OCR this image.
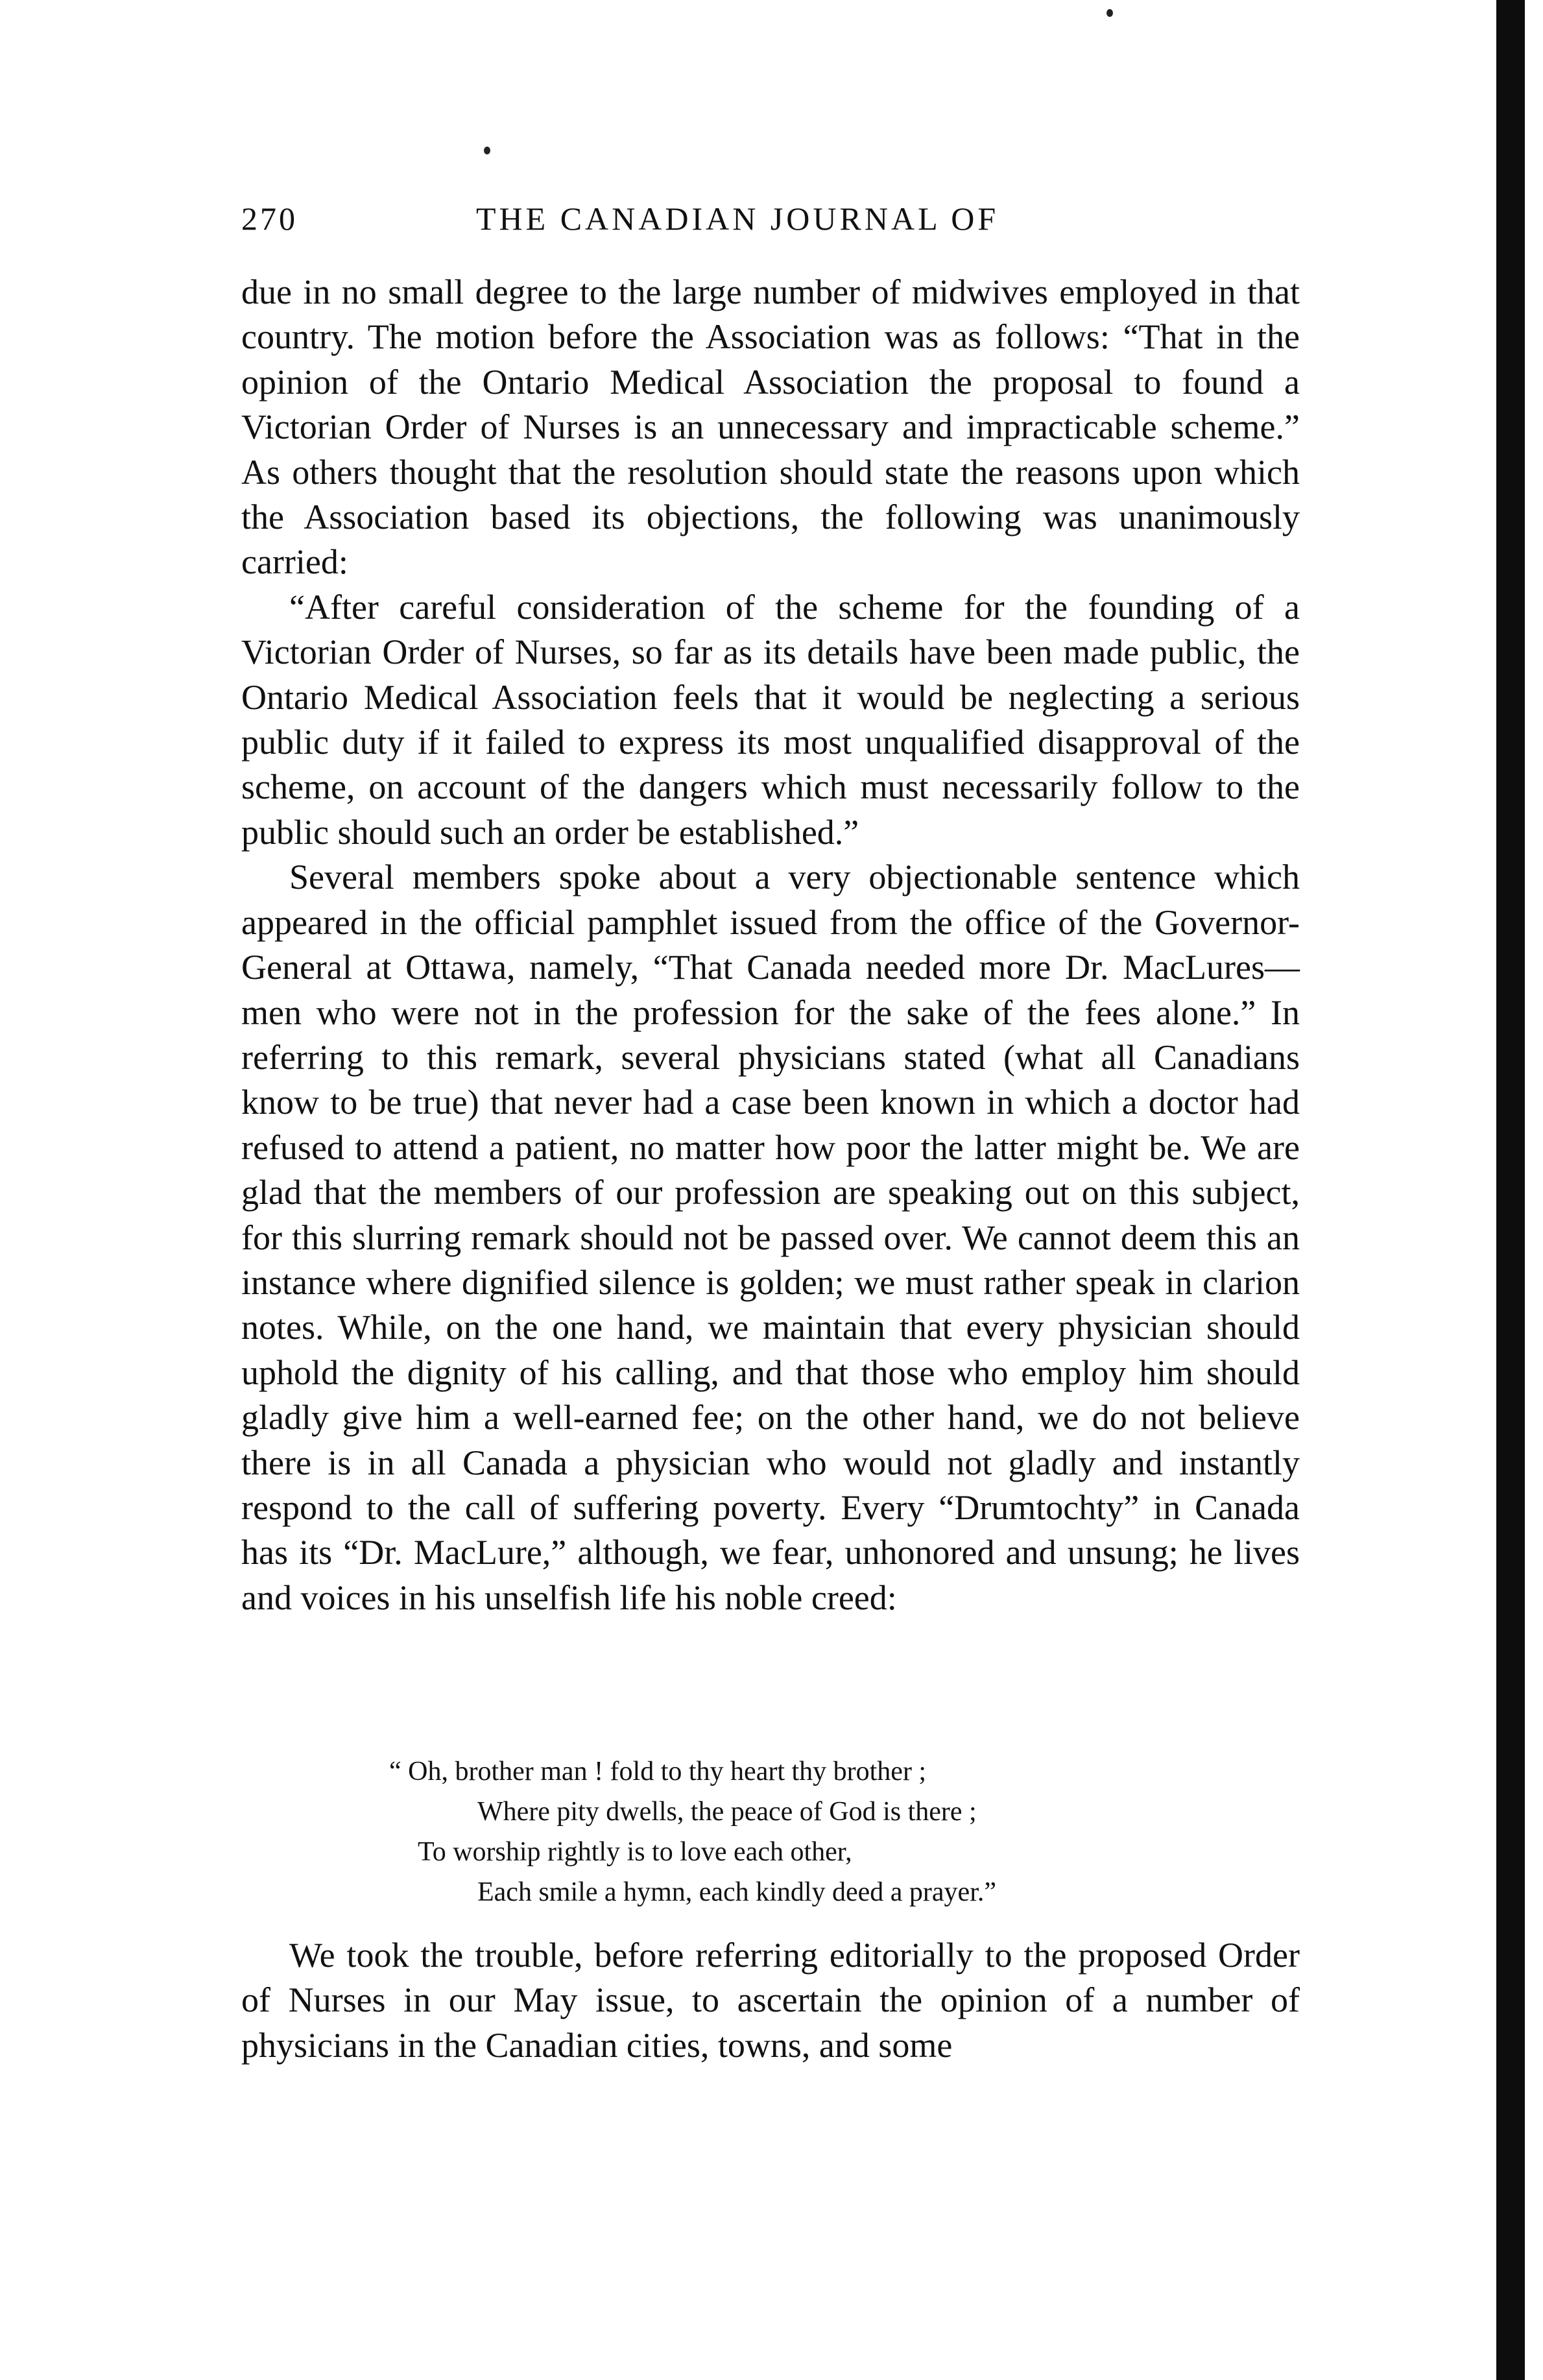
270	THE CANADIAN JOURNAL OF

due in no small degree to the large number of midwives employed in that country. The motion before the Association was as follows: “That in the opinion of the Ontario Medical Association the proposal to found a Victorian Order of Nurses is an unnecessary and impracticable scheme.” As others thought that the resolution should state the reasons upon which the Association based its objections, the following was unanimously carried:

“After careful consideration of the scheme for the founding of a Victorian Order of Nurses, so far as its details have been made public, the Ontario Medical Association feels that it would be neglecting a serious public duty if it failed to express its most unqualified disapproval of the scheme, on account of the dangers which must necessarily follow to the public should such an order be established.”

Several members spoke about a very objectionable sentence which appeared in the official pamphlet issued from the office of the Governor-General at Ottawa, namely, “That Canada needed more Dr. MacLures—men who were not in the profession for the sake of the fees alone.” In referring to this remark, several physicians stated (what all Canadians know to be true) that never had a case been known in which a doctor had refused to attend a patient, no matter how poor the latter might be. We are glad that the members of our profession are speaking out on this subject, for this slurring remark should not be passed over. We cannot deem this an instance where dignified silence is golden; we must rather speak in clarion notes. While, on the one hand, we maintain that every physician should uphold the dignity of his calling, and that those who employ him should gladly give him a well-earned fee; on the other hand, we do not believe there is in all Canada a physician who would not gladly and instantly respond to the call of suffering poverty. Every “Drumtochty” in Canada has its “Dr. MacLure,” although, we fear, unhonored and unsung; he lives and voices in his unselfish life his noble creed:

“ Oh, brother man ! fold to thy heart thy brother ;
Where pity dwells, the peace of God is there ;
To worship rightly is to love each other,
Each smile a hymn, each kindly deed a prayer.”

We took the trouble, before referring editorially to the proposed Order of Nurses in our May issue, to ascertain the opinion of a number of physicians in the Canadian cities, towns, and some
